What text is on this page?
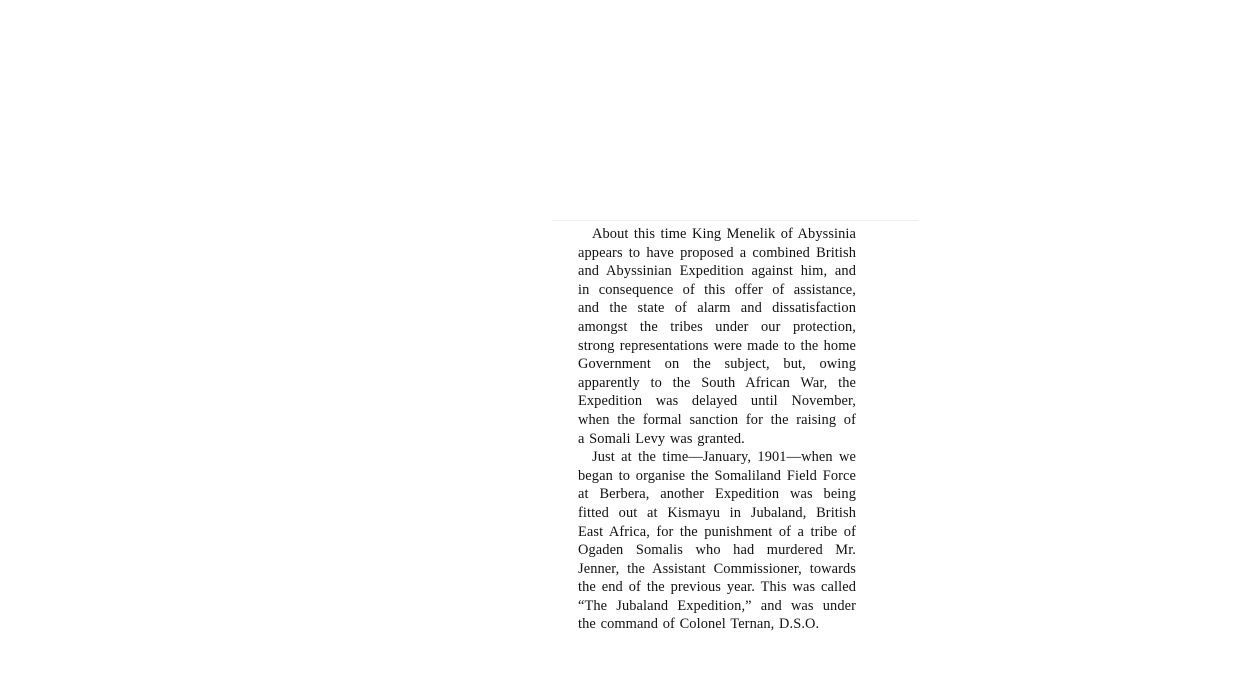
About this time King Menelik of Abyssinia
appears to have proposed a combined British
and Abyssinian Expedition against him, and
in consequence of this offer of assistance,
and the state of alarm and dissatisfaction
amongst the tribes under our protection,
strong representations were made to the home
Government on the subject, but, owing
apparently to the South African War, the
Expedition was delayed until November,
when the formal sanction for the raising of
a Somali Levy was granted.
Just at the time—January, 1901—when we
began to organise the Somaliland Field Force
at Berbera, another Expedition was being
fitted out at Kismayu in Jubaland, British
East Africa, for the punishment of a tribe of
Ogaden Somalis who had murdered Mr.
Jenner, the Assistant Commissioner, towards
the end of the previous year. This was called
“The Jubaland Expedition,” and was under
the command of Colonel Ternan, D.S.O.
